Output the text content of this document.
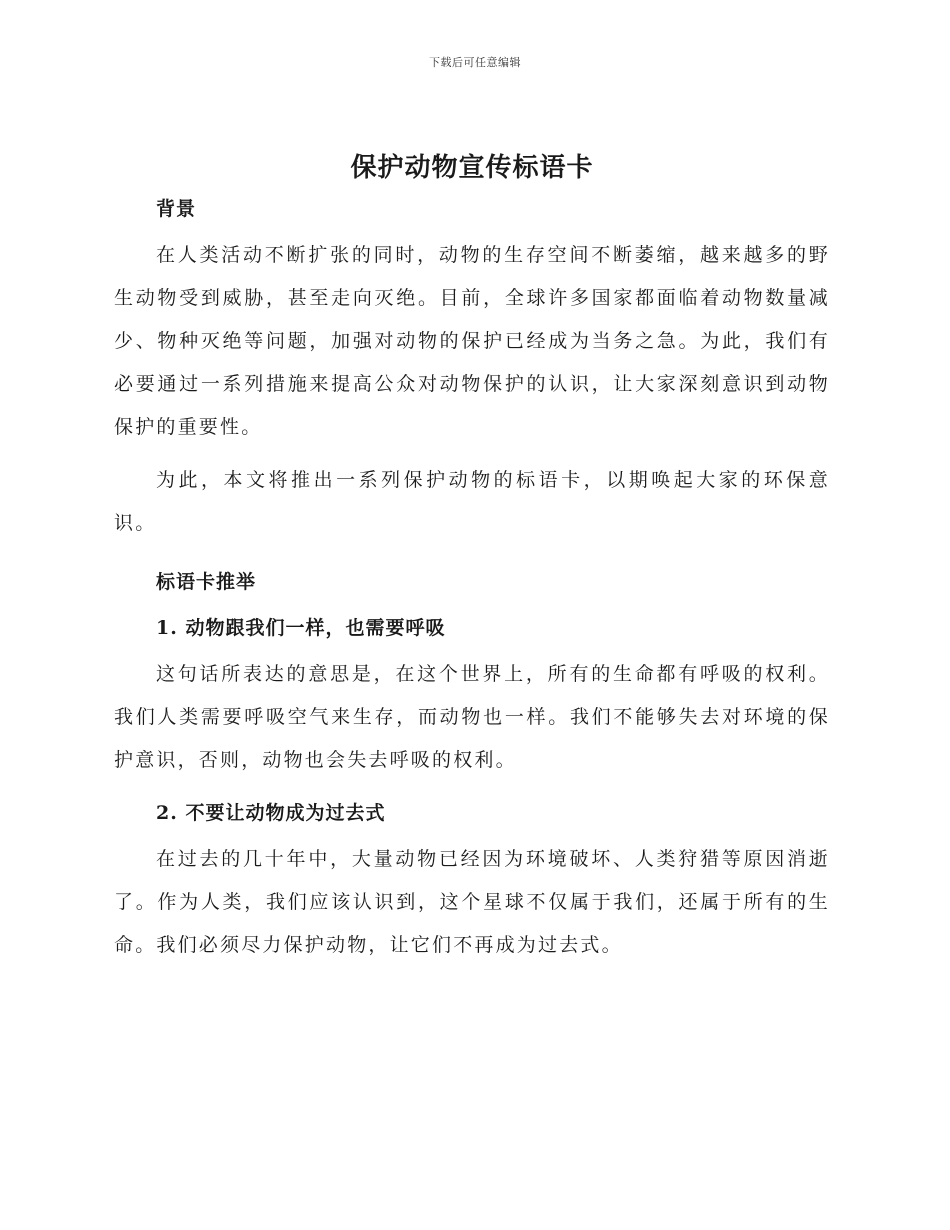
下载后可任意编辑
保护动物宣传标语卡
背景

在人类活动不断扩张的同时，动物的生存空间不断萎缩，越来越多的野生动物受到威胁，甚至走向灭绝。目前，全球许多国家都面临着动物数量减少、物种灭绝等问题，加强对动物的保护已经成为当务之急。为此，我们有必要通过一系列措施来提高公众对动物保护的认识，让大家深刻意识到动物保护的重要性。

为此，本文将推出一系列保护动物的标语卡，以期唤起大家的环保意识。

标语卡推举
1. 动物跟我们一样，也需要呼吸

这句话所表达的意思是，在这个世界上，所有的生命都有呼吸的权利。我们人类需要呼吸空气来生存，而动物也一样。我们不能够失去对环境的保护意识，否则，动物也会失去呼吸的权利。

2. 不要让动物成为过去式

在过去的几十年中，大量动物已经因为环境破坏、人类狩猎等原因消逝了。作为人类，我们应该认识到，这个星球不仅属于我们，还属于所有的生命。我们必须尽力保护动物，让它们不再成为过去式。
